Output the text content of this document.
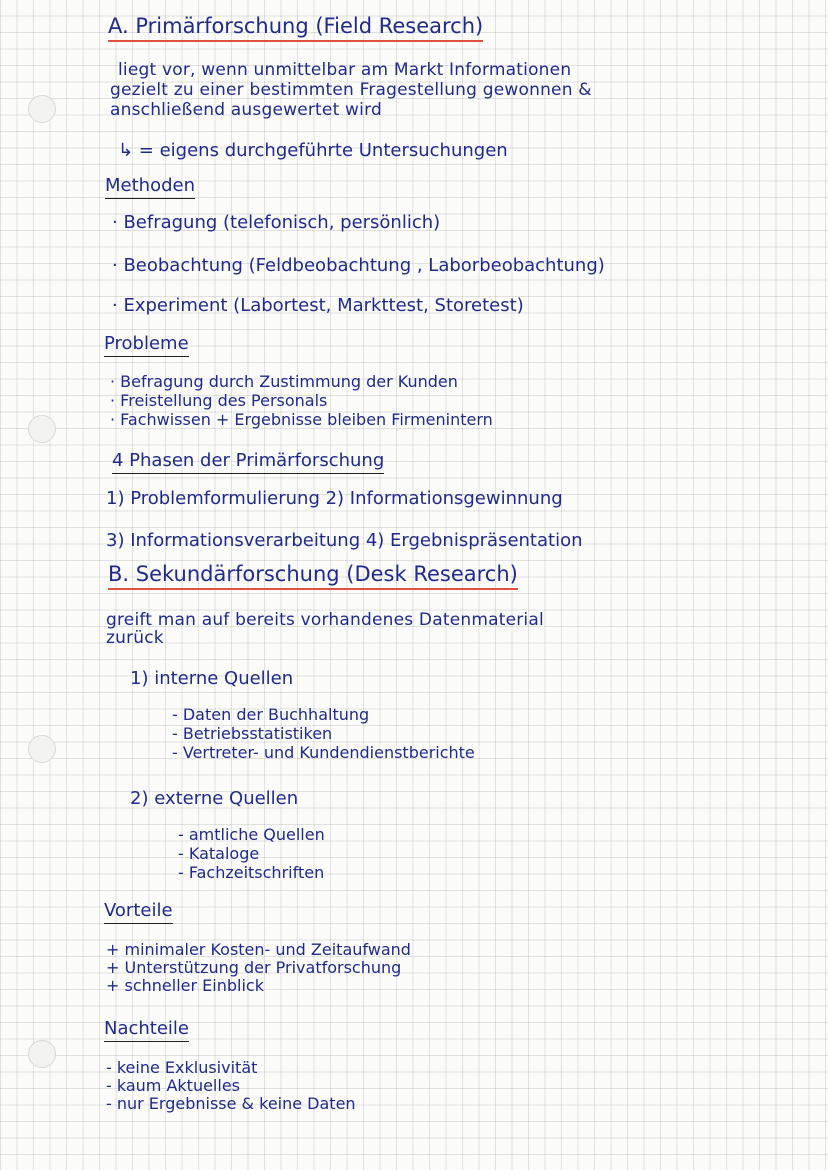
A. Primärforschung (Field Research)
liegt vor, wenn unmittelbar am Markt Informationen
gezielt zu einer bestimmten Fragestellung gewonnen &
anschließend ausgewertet wird
↳ = eigens durchgeführte Untersuchungen
Methoden
· Befragung (telefonisch, persönlich)
· Beobachtung (Feldbeobachtung , Laborbeobachtung)
· Experiment (Labortest, Markttest, Storetest)
Probleme
· Befragung durch Zustimmung der Kunden
· Freistellung des Personals
· Fachwissen + Ergebnisse bleiben Firmenintern
4 Phasen der Primärforschung
1) Problemformulierung 2) Informationsgewinnung
3) Informationsverarbeitung 4) Ergebnispräsentation
B. Sekundärforschung (Desk Research)
greift man auf bereits vorhandenes Datenmaterial
zurück
1) interne Quellen
- Daten der Buchhaltung
- Betriebsstatistiken
- Vertreter- und Kundendienstberichte
2) externe Quellen
- amtliche Quellen
- Kataloge
- Fachzeitschriften
Vorteile
+ minimaler Kosten- und Zeitaufwand
+ Unterstützung der Privatforschung
+ schneller Einblick
Nachteile
- keine Exklusivität
- kaum Aktuelles
- nur Ergebnisse & keine Daten
